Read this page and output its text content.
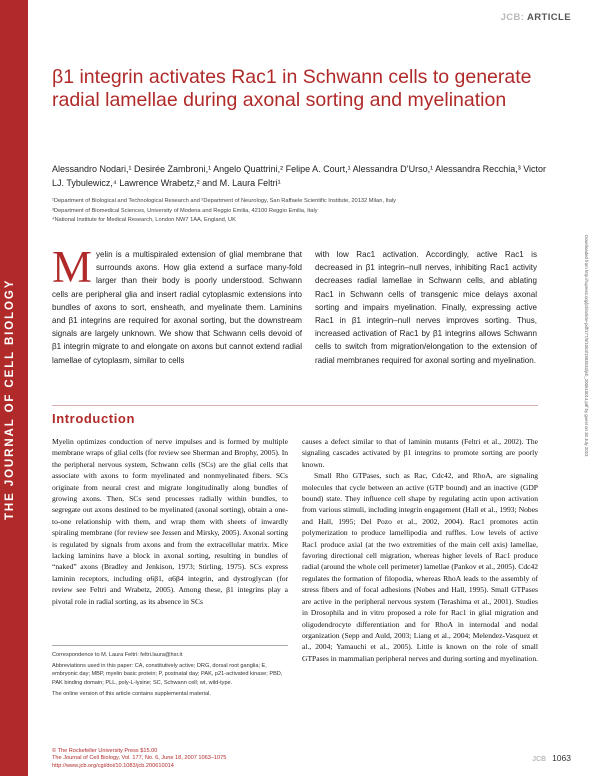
THE JOURNAL OF CELL BIOLOGY
JCB: ARTICLE
β1 integrin activates Rac1 in Schwann cells to generate radial lamellae during axonal sorting and myelination
Alessandro Nodari,¹ Desirée Zambroni,¹ Angelo Quattrini,² Felipe A. Court,¹ Alessandra D’Urso,¹ Alessandra Recchia,³ Victor LJ. Tybulewicz,⁴ Lawrence Wrabetz,² and M. Laura Feltri¹
¹Department of Biological and Technological Research and ²Department of Neurology, San Raffaele Scientific Institute, 20132 Milan, Italy
³Department of Biomedical Sciences, University of Modena and Reggio Emilia, 42100 Reggio Emilia, Italy
⁴National Institute for Medical Research, London NW7 1AA, England, UK
Myelin is a multispiraled extension of glial membrane that surrounds axons. How glia extend a surface many-fold larger than their body is poorly understood. Schwann cells are peripheral glia and insert radial cytoplasmic extensions into bundles of axons to sort, ensheath, and myelinate them. Laminins and β1 integrins are required for axonal sorting, but the downstream signals are largely unknown. We show that Schwann cells devoid of β1 integrin migrate to and elongate on axons but cannot extend radial lamellae of cytoplasm, similar to cells
with low Rac1 activation. Accordingly, active Rac1 is decreased in β1 integrin–null nerves, inhibiting Rac1 activity decreases radial lamellae in Schwann cells, and ablating Rac1 in Schwann cells of transgenic mice delays axonal sorting and impairs myelination. Finally, expressing active Rac1 in β1 integrin–null nerves improves sorting. Thus, increased activation of Rac1 by β1 integrins allows Schwann cells to switch from migration/elongation to the extension of radial membranes required for axonal sorting and myelination.	Downloaded from http://rupress.org/jcb/article-pdf/177/6/1063/1883533/jcb_200610014.pdf by guest on 30 July 2023
Introduction

Myelin optimizes conduction of nerve impulses and is formed by multiple membrane wraps of glial cells (for review see Sherman and Brophy, 2005). In the peripheral nervous system, Schwann cells (SCs) are the glial cells that associate with axons to form myelinated and nonmyelinated fibers. SCs originate from neural crest and migrate longitudinally along bundles of growing axons. Then, SCs send processes radially within bundles, to segregate out axons destined to be myelinated (axonal sorting), obtain a one-to-one relationship with them, and wrap them with sheets of inwardly spiraling membrane (for review see Jessen and Mirsky, 2005). Axonal sorting is regulated by signals from axons and from the extracellular matrix. Mice lacking laminins have a block in axonal sorting, resulting in bundles of “naked” axons (Bradley and Jenkison, 1973; Stirling, 1975). SCs express laminin receptors, including α6β1, α6β4 integrin, and dystroglycan (for review see Feltri and Wrabetz, 2005). Among these, β1 integrins play a pivotal role in radial sorting, as its absence in SCs

causes a defect similar to that of laminin mutants (Feltri et al., 2002). The signaling cascades activated by β1 integrins to promote sorting are poorly known.

Small Rho GTPases, such as Rac, Cdc42, and RhoA, are signaling molecules that cycle between an active (GTP bound) and an inactive (GDP bound) state. They influence cell shape by regulating actin upon activation from various stimuli, including integrin engagement (Hall et al., 1993; Nobes and Hall, 1995; Del Pozo et al., 2002, 2004). Rac1 promotes actin polymerization to produce lamellipodia and ruffles. Low levels of active Rac1 produce axial (at the two extremities of the main cell axis) lamellae, favoring directional cell migration, whereas higher levels of Rac1 produce radial (around the whole cell perimeter) lamellae (Pankov et al., 2005). Cdc42 regulates the formation of filopodia, whereas RhoA leads to the assembly of stress fibers and of focal adhesions (Nobes and Hall, 1995). Small GTPases are active in the peripheral nervous system (Terashima et al., 2001). Studies in Drosophila and in vitro proposed a role for Rac1 in glial migration and oligodendrocyte differentiation and for RhoA in internodal and nodal organization (Sepp and Auld, 2003; Liang et al., 2004; Melendez-Vasquez et al., 2004; Yamauchi et al., 2005). Little is known on the role of small GTPases in mammalian peripheral nerves and during sorting and myelination.

Correspondence to M. Laura Feltri: feltri.laura@hsr.it

Abbreviations used in this paper: CA, constitutively active; DRG, dorsal root ganglia; E, embryonic day; MBP, myelin basic protein; P, postnatal day; PAK, p21-activated kinase; PBD, PAK binding domain; PLL, poly-L-lysine; SC, Schwann cell; wt, wild-type.

The online version of this article contains supplemental material.

© The Rockefeller University Press $15.00
The Journal of Cell Biology, Vol. 177, No. 6, June 18, 2007 1063–1075
http://www.jcb.org/cgi/doi/10.1083/jcb.200610014
JCB 1063
